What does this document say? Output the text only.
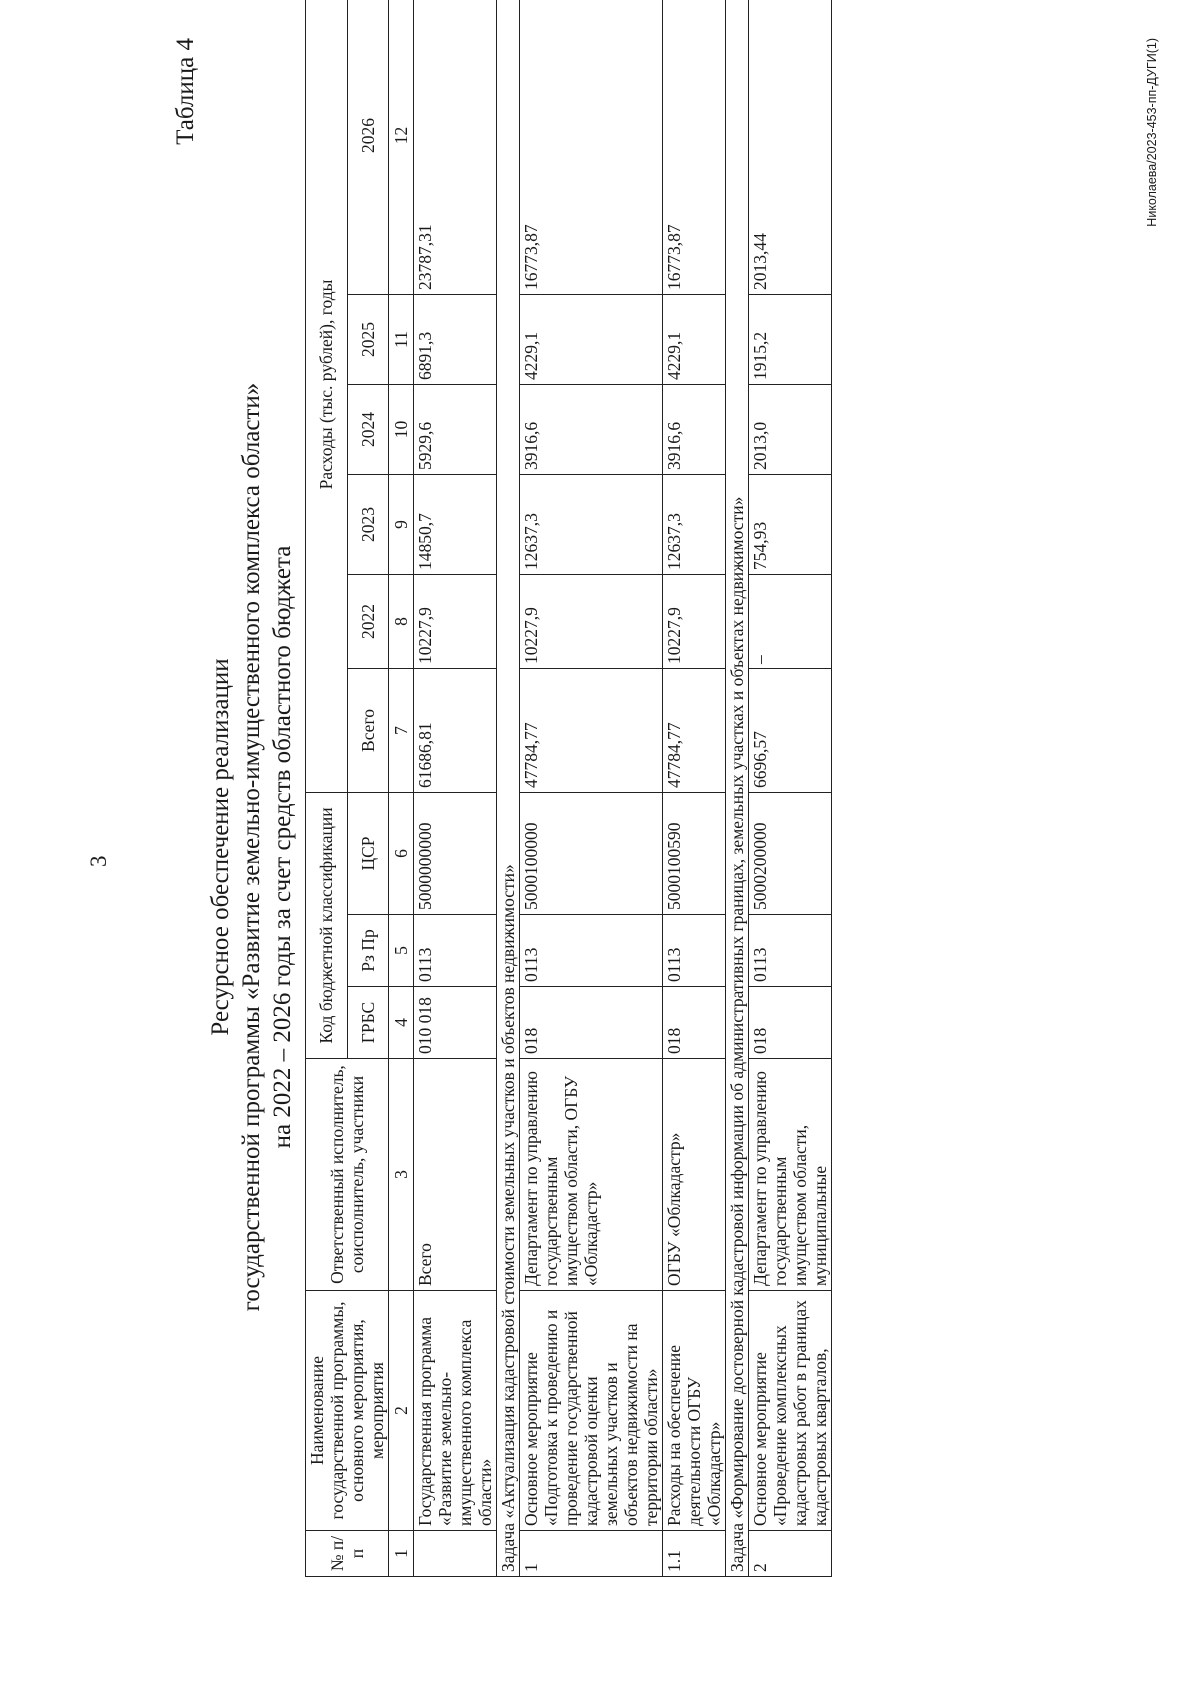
3
Таблица 4
Ресурсное обеспечение реализации государственной программы «Развитие земельно-имущественного комплекса области» на 2022 – 2026 годы за счет средств областного бюджета
№ п/п	Наименование государственной программы, основного мероприятия, мероприятия	Ответственный исполнитель, соисполнитель, участники	Код бюджетной классификации			Расходы (тыс. рублей), годы					
			ГРБС	Рз Пр	ЦСР	Всего	2022	2023	2024	2025	2026
1	2	3	4	5	6	7	8	9	10	11	12
	Государственная программа «Развитие земельно-имущественного комплекса области»	Всего	010 018	0113	5000000000	61686,81	10227,9	14850,7	5929,6	6891,3	23787,31
Задача «Актуализация кадастровой стоимости земельных участков и объектов недвижимости»											
1	Основное мероприятие «Подготовка к проведению и проведение государственной кадастровой оценки земельных участков и объектов недвижимости на территории области»	Департамент по управлению государственным имуществом области, ОГБУ «Облкадастр»	018	0113	5000100000	47784,77	10227,9	12637,3	3916,6	4229,1	16773,87
1.1	Расходы на обеспечение деятельности ОГБУ «Облкадастр»	ОГБУ «Облкадастр»	018	0113	5000100590	47784,77	10227,9	12637,3	3916,6	4229,1	16773,87
Задача «Формирование достоверной кадастровой информации об административных границах, земельных участках и объектах недвижимости»											
2	Основное мероприятие «Проведение комплексных кадастровых работ в границах кадастровых кварталов,	Департамент по управлению государственным имуществом области, муниципальные	018	0113	5000200000	6696,57	–	754,93	2013,0	1915,2	2013,44
Николаева/2023-453-пп-ДУГИ(1)
